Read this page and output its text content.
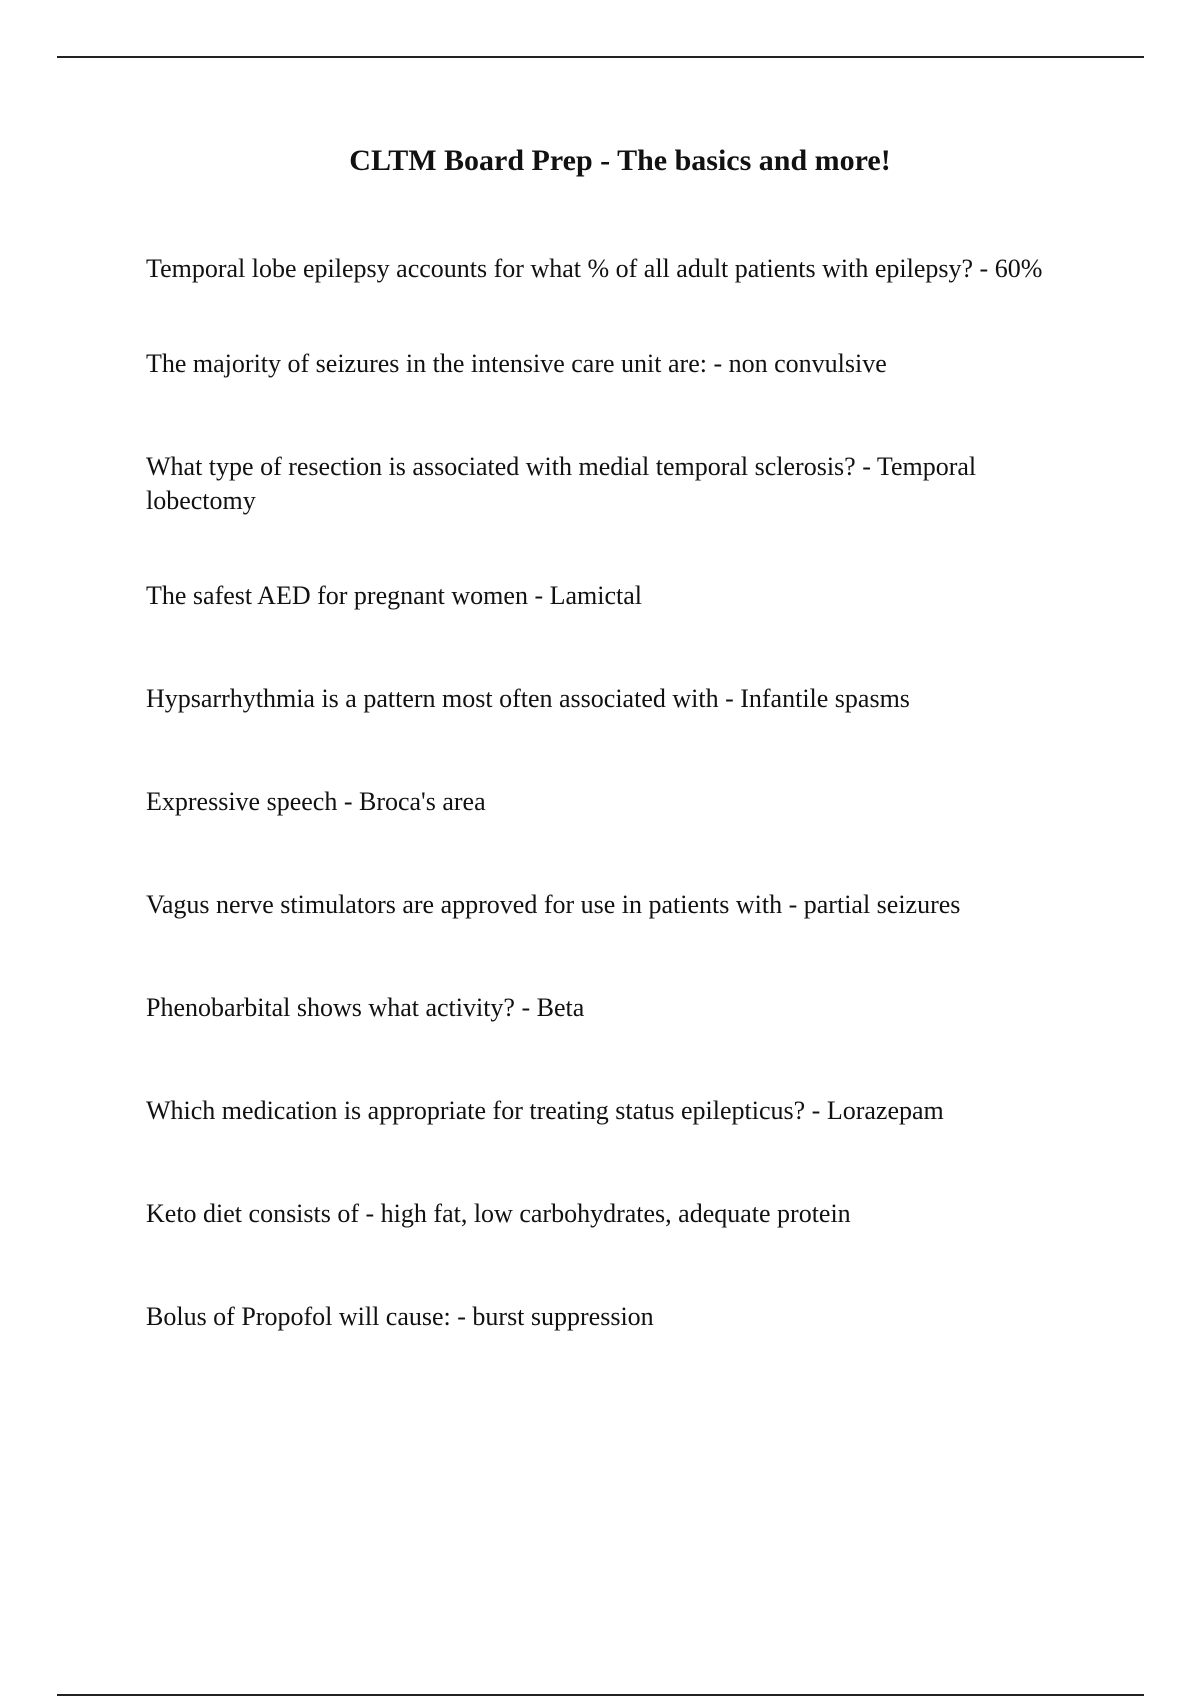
CLTM Board Prep - The basics and more!
Temporal lobe epilepsy accounts for what % of all adult patients with epilepsy? - 60%
The majority of seizures in the intensive care unit are: - non convulsive
What type of resection is associated with medial temporal sclerosis? - Temporal lobectomy
The safest AED for pregnant women - Lamictal
Hypsarrhythmia is a pattern most often associated with - Infantile spasms
Expressive speech - Broca's area
Vagus nerve stimulators are approved for use in patients with - partial seizures
Phenobarbital shows what activity? - Beta
Which medication is appropriate for treating status epilepticus? - Lorazepam
Keto diet consists of - high fat, low carbohydrates, adequate protein
Bolus of Propofol will cause: - burst suppression
